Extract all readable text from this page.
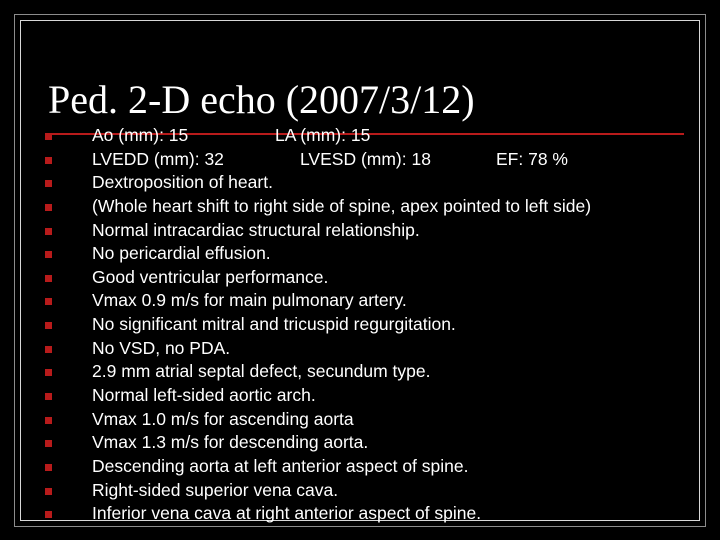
Ped. 2-D echo (2007/3/12)
Ao (mm): 15	LA (mm): 15
LVEDD (mm): 32	LVESD (mm): 18	EF: 78 %
Dextroposition of heart.
(Whole heart shift to right side of spine, apex pointed to left side)
Normal intracardiac structural relationship.
No pericardial effusion.
Good ventricular performance.
Vmax 0.9 m/s for main pulmonary artery.
No significant mitral and tricuspid regurgitation.
No VSD, no PDA.
2.9 mm atrial septal defect, secundum type.
Normal left-sided aortic arch.
Vmax 1.0 m/s for ascending aorta
Vmax 1.3 m/s for descending aorta.
Descending aorta at left anterior aspect of spine.
Right-sided superior vena cava.
Inferior vena cava at right anterior aspect of spine.
